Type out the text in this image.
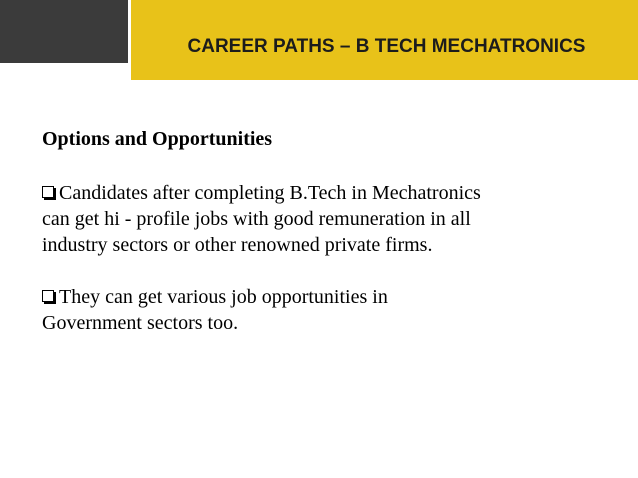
CAREER PATHS – B TECH MECHATRONICS

Options and Opportunities

Candidates after completing B.Tech in Mechatronics
can get hi - profile jobs with good remuneration in all
industry sectors or other renowned private firms.

They can get various job opportunities in
Government sectors too.
